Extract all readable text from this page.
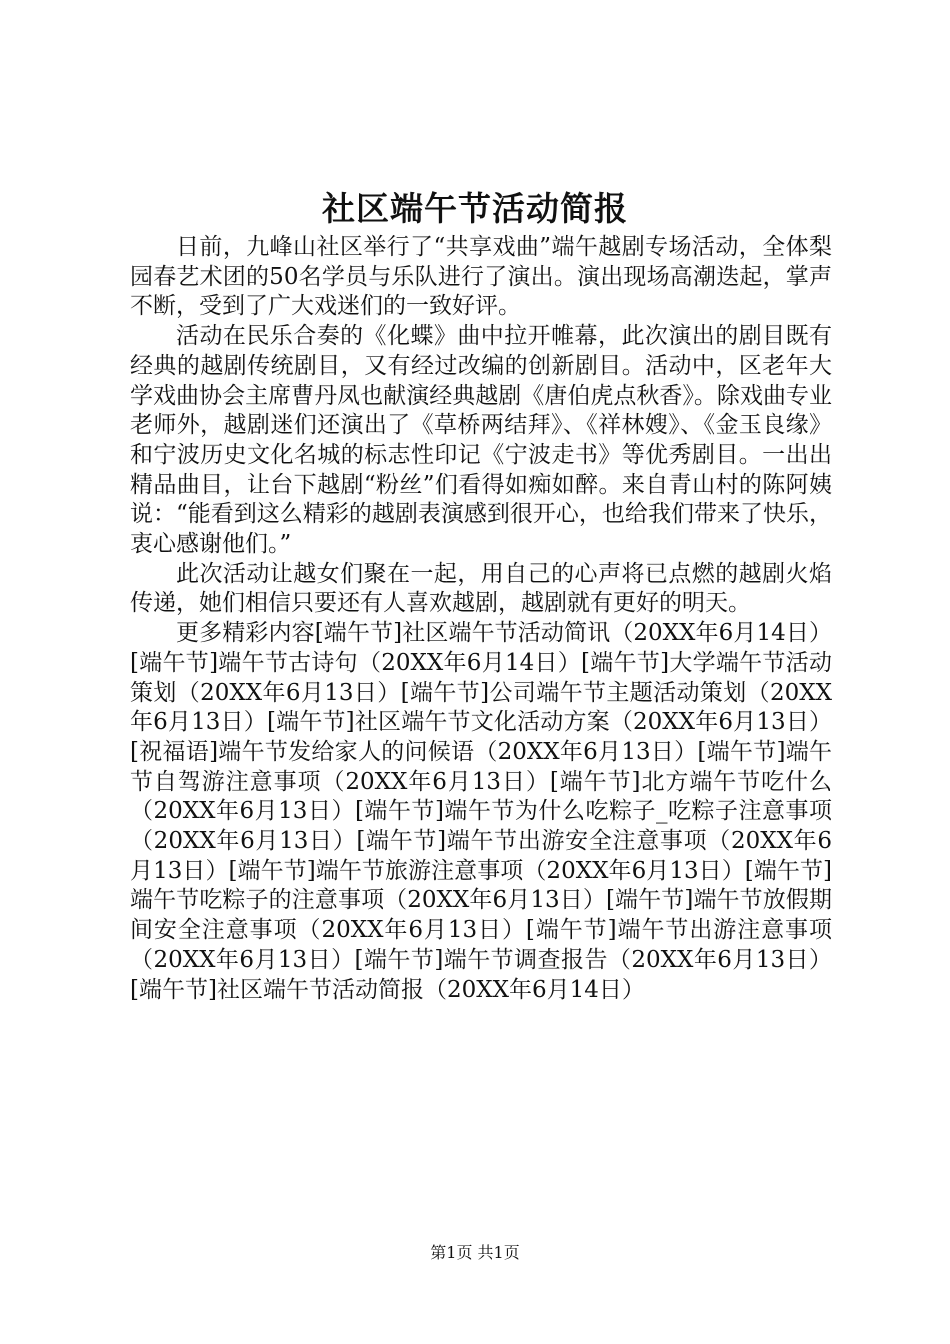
社区端午节活动简报

日前，九峰山社区举行了“共享戏曲”端午越剧专场活动，全体梨园春艺术团的50名学员与乐队进行了演出。演出现场高潮迭起，掌声不断，受到了广大戏迷们的一致好评。

活动在民乐合奏的《化蝶》曲中拉开帷幕，此次演出的剧目既有经典的越剧传统剧目，又有经过改编的创新剧目。活动中，区老年大学戏曲协会主席曹丹凤也献演经典越剧《唐伯虎点秋香》。除戏曲专业老师外，越剧迷们还演出了《草桥两结拜》、《祥林嫂》、《金玉良缘》和宁波历史文化名城的标志性印记《宁波走书》等优秀剧目。一出出精品曲目，让台下越剧“粉丝”们看得如痴如醉。来自青山村的陈阿姨说：“能看到这么精彩的越剧表演感到很开心，也给我们带来了快乐，衷心感谢他们。”

此次活动让越女们聚在一起，用自己的心声将已点燃的越剧火焰传递，她们相信只要还有人喜欢越剧，越剧就有更好的明天。

更多精彩内容[端午节]社区端午节活动简讯（20XX年6月14日）[端午节]端午节古诗句（20XX年6月14日）[端午节]大学端午节活动策划（20XX年6月13日）[端午节]公司端午节主题活动策划（20XX年6月13日）[端午节]社区端午节文化活动方案（20XX年6月13日）[祝福语]端午节发给家人的问候语（20XX年6月13日）[端午节]端午节自驾游注意事项（20XX年6月13日）[端午节]北方端午节吃什么（20XX年6月13日）[端午节]端午节为什么吃粽子_吃粽子注意事项（20XX年6月13日）[端午节]端午节出游安全注意事项（20XX年6月13日）[端午节]端午节旅游注意事项（20XX年6月13日）[端午节]端午节吃粽子的注意事项（20XX年6月13日）[端午节]端午节放假期间安全注意事项（20XX年6月13日）[端午节]端午节出游注意事项（20XX年6月13日）[端午节]端午节调查报告（20XX年6月13日）[端午节]社区端午节活动简报（20XX年6月14日）

第1页 共1页
